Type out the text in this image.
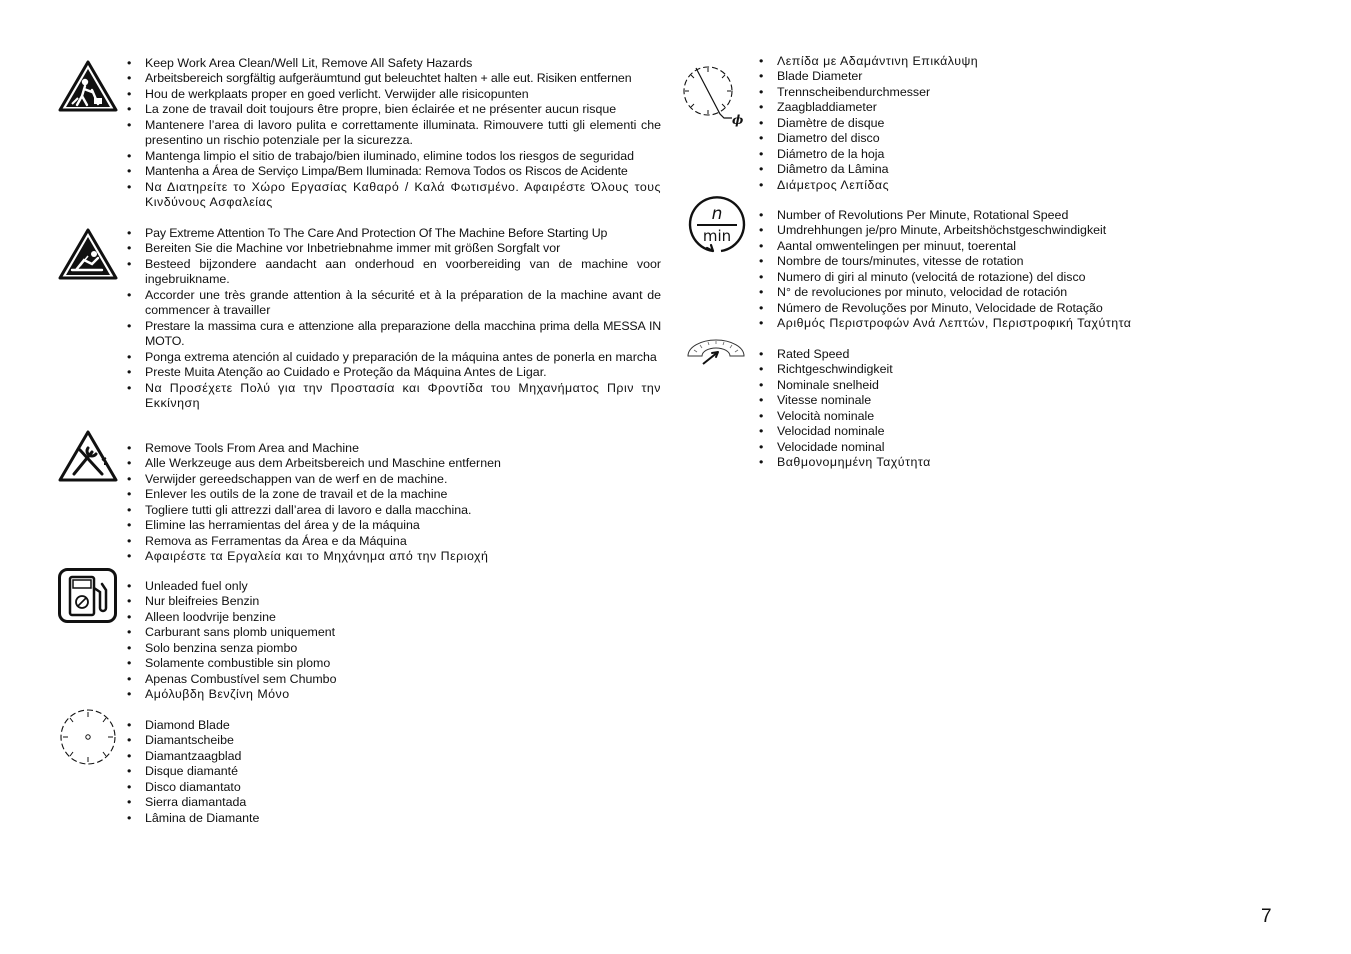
• Keep Work Area Clean/Well Lit, Remove All Safety Hazards
• Arbeitsbereich sorgfältig aufgeräumtund gut beleuchtet halten + alle eut. Risiken entfernen
• Hou de werkplaats proper en goed verlicht. Verwijder alle risicopunten
• La zone de travail doit toujours être propre, bien éclairée et ne présenter aucun risque
• Mantenere l’area di lavoro pulita e correttamente illuminata. Rimouvere tutti gli elementi che presentino un rischio potenziale per la sicurezza.
• Mantenga limpio el sitio de trabajo/bien iluminado, elimine todos los riesgos de seguridad
• Mantenha a Área de Serviço Limpa/Bem Iluminada: Remova Todos os Riscos de Acidente
• Να Διατηρείτε το Χώρο Εργασίας Καθαρό / Καλά Φωτισμένο. Αφαιρέστε Όλους τους Κινδύνους Ασφαλείας
• Pay Extreme Attention To The Care And Protection Of The Machine Before Starting Up
• Bereiten Sie die Machine vor Inbetriebnahme immer mit größen Sorgfalt vor
• Besteed bijzondere aandacht aan onderhoud en voorbereiding van de machine voor ingebruikname.
• Accorder une très grande attention à la sécurité et à la préparation de la machine avant de commencer à travailler
• Prestare la massima cura e attenzione alla preparazione della macchina prima della MESSA IN MOTO.
• Ponga extrema atención al cuidado y preparación de la máquina antes de ponerla en marcha
• Preste Muita Atenção ao Cuidado e Proteção da Máquina Antes de Ligar.
• Να Προσέχετε Πολύ για την Προστασία και Φροντίδα του Μηχανήματος Πριν την Εκκίνηση
• Remove Tools From Area and Machine
• Alle Werkzeuge aus dem Arbeitsbereich und Maschine entfernen
• Verwijder gereedschappen van de werf en de machine.
• Enlever les outils de la zone de travail et de la machine
• Togliere tutti gli attrezzi dall’area di lavoro e dalla macchina.
• Elimine las herramientas del área y de la máquina
• Remova as Ferramentas da Área e da Máquina
• Αφαιρέστε τα Εργαλεία και το Μηχάνημα από την Περιοχή
• Unleaded fuel only
• Nur bleifreies Benzin
• Alleen loodvrije benzine
• Carburant sans plomb uniquement
• Solo benzina senza piombo
• Solamente combustible sin plomo
• Apenas Combustível sem Chumbo
• Αμόλυβδη Βενζίνη Μόνο
• Diamond Blade
• Diamantscheibe
• Diamantzaagblad
• Disque diamanté
• Disco diamantato
• Sierra diamantada
• Lâmina de Diamante
ϕ
• Λεπίδα με Αδαμάντινη Επικάλυψη
• Blade Diameter
• Trennscheibendurchmesser
• Zaagbladdiameter
• Diamètre de disque
• Diametro del disco
• Diámetro de la hoja
• Diâmetro da Lâmina
• Διάμετρος Λεπίδας
n
min
• Number of Revolutions Per Minute, Rotational Speed
• Umdrehhungen je/pro Minute, Arbeitshöchstgeschwindigkeit
• Aantal omwentelingen per minuut, toerental
• Nombre de tours/minutes, vitesse de rotation
• Numero di giri al minuto (velocitá de rotazione) del disco
• N° de revoluciones por minuto, velocidad de rotación
• Número de Revoluções por Minuto, Velocidade de Rotação
• Αριθμός Περιστροφών Ανά Λεπτών, Περιστροφική Ταχύτητα
• Rated Speed
• Richtgeschwindigkeit
• Nominale snelheid
• Vitesse nominale
• Velocità nominale
• Velocidad nominale
• Velocidade nominal
• Βαθμονομημένη Ταχύτητα
7
